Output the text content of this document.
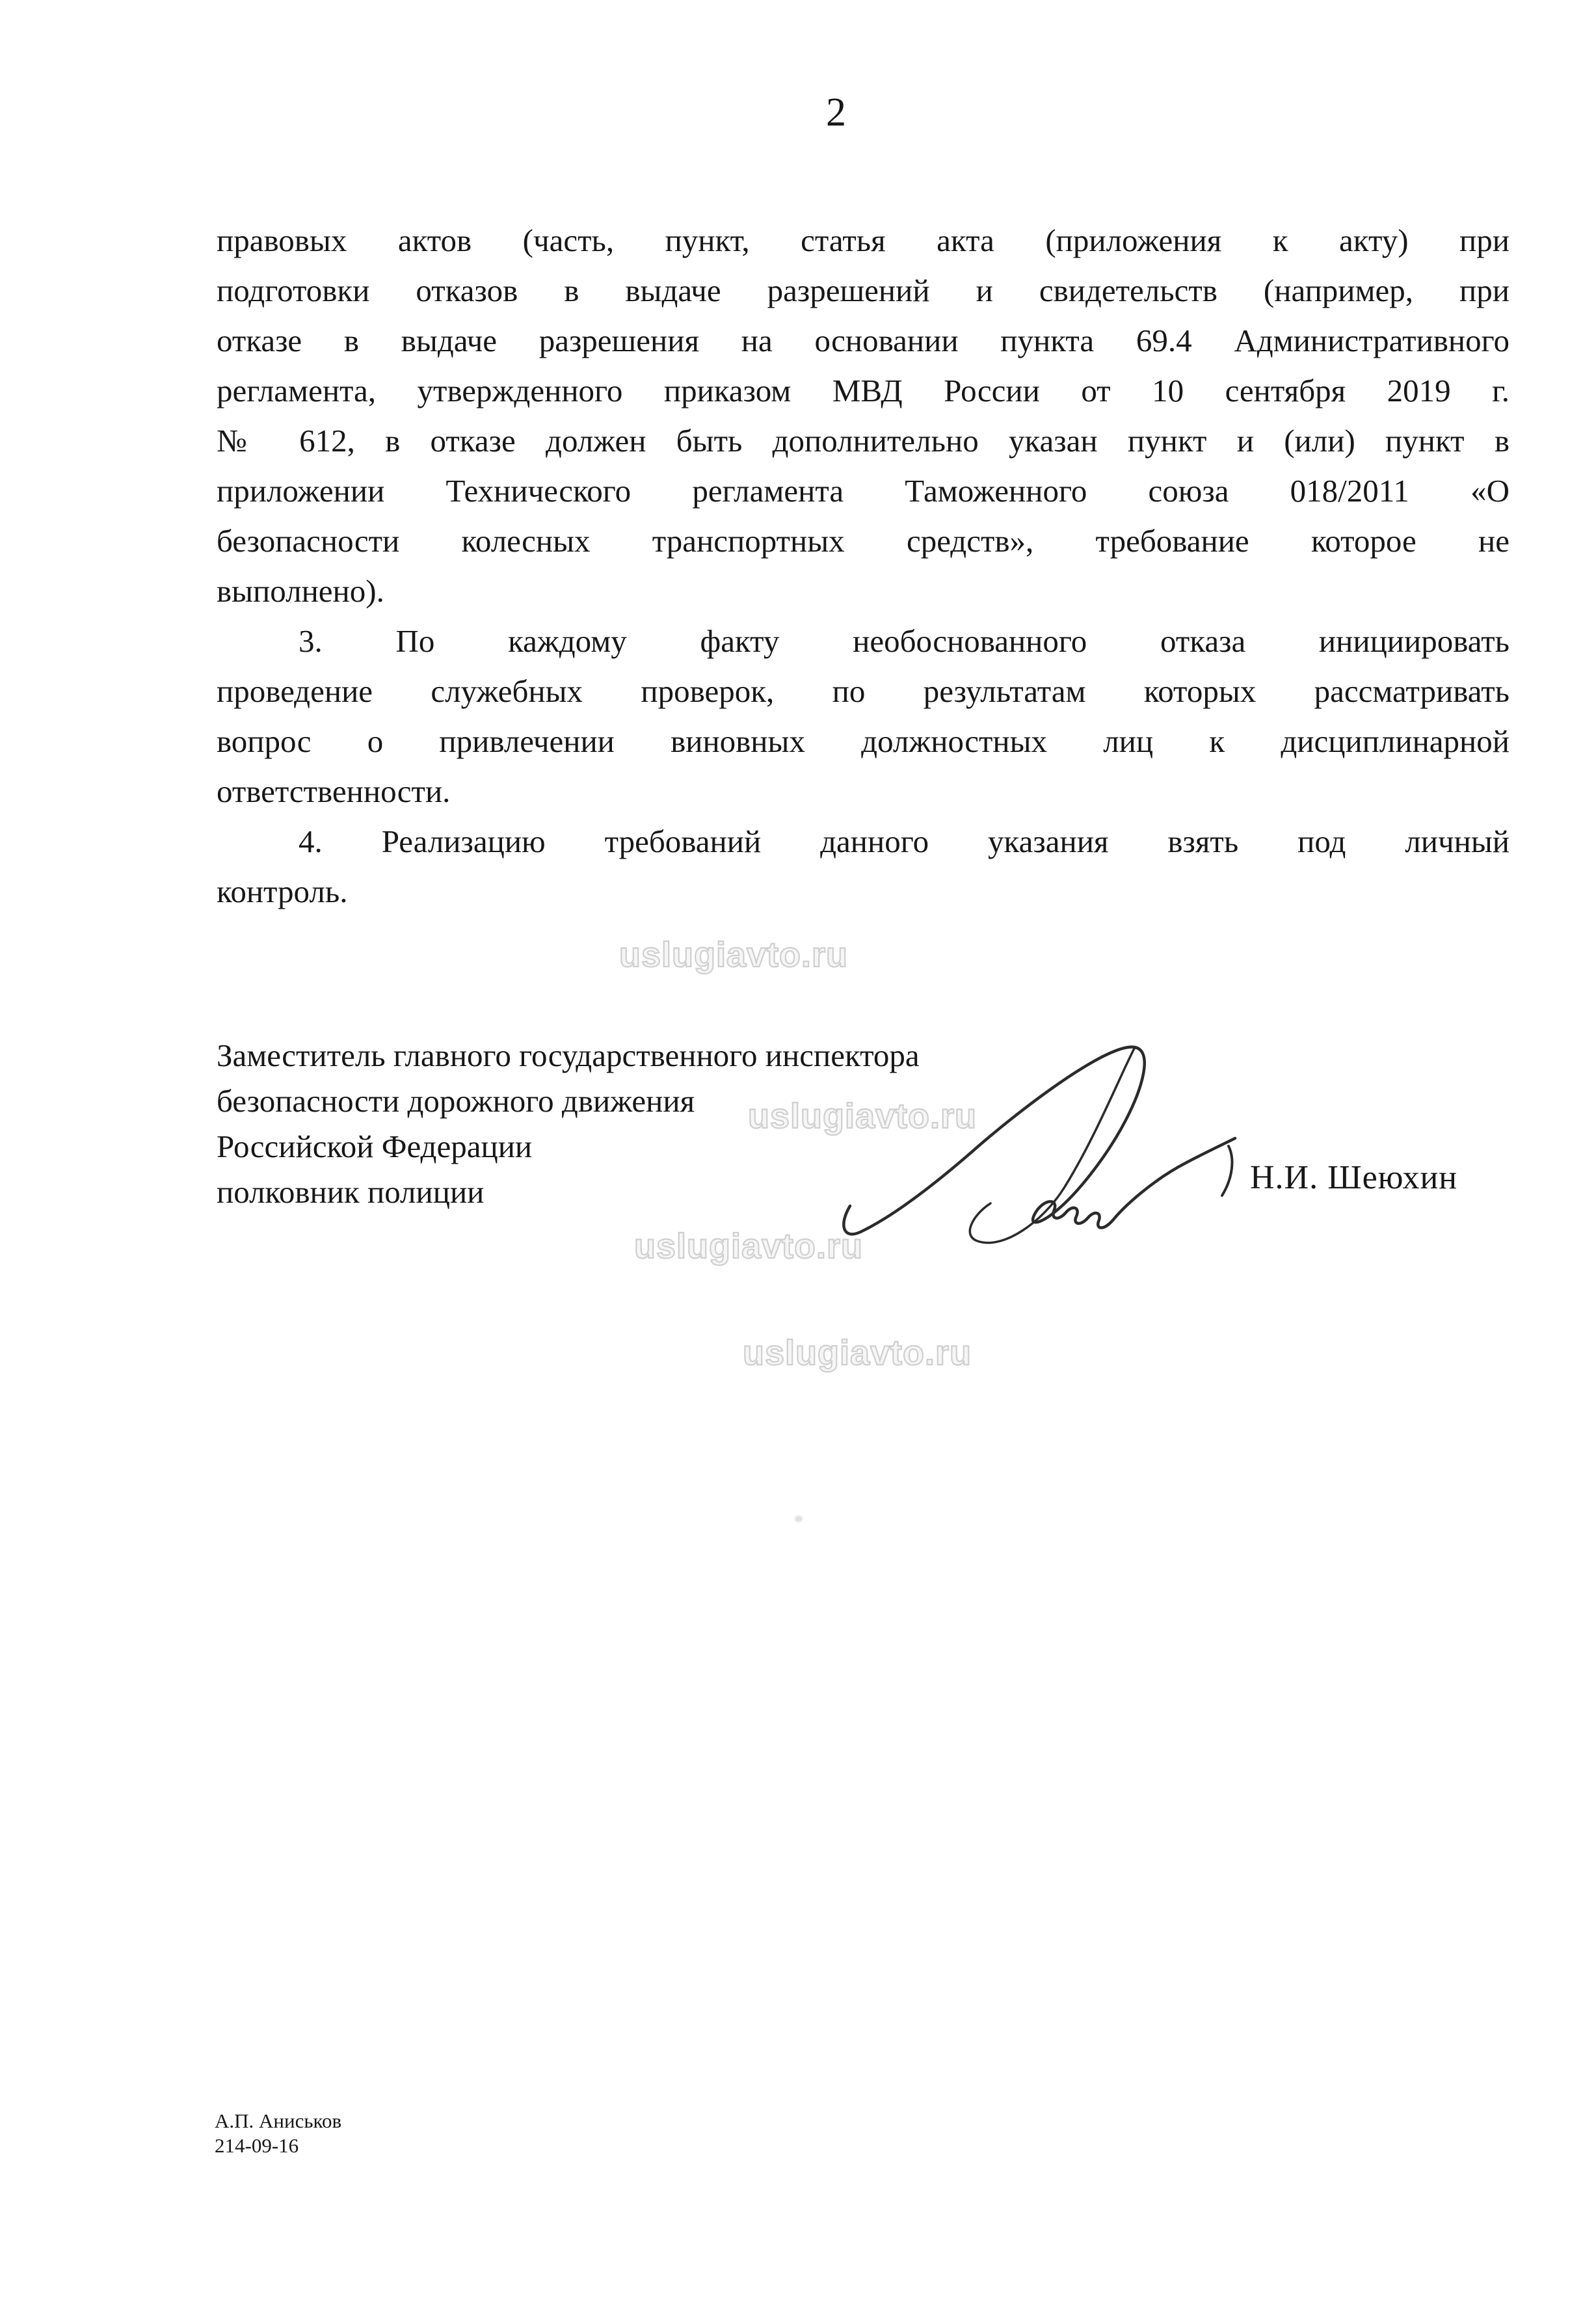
2
правовых актов (часть, пункт, статья акта (приложения к акту) при
подготовки отказов в выдаче разрешений и свидетельств (например, при
отказе в выдаче разрешения на основании пункта 69.4 Административного
регламента, утвержденного приказом МВД России от 10 сентября 2019 г.
№ 612, в отказе должен быть дополнительно указан пункт и (или) пункт в
приложении Технического регламента Таможенного союза 018/2011 «О
безопасности колесных транспортных средств», требование которое не
выполнено).
3. По каждому факту необоснованного отказа инициировать
проведение служебных проверок, по результатам которых рассматривать
вопрос о привлечении виновных должностных лиц к дисциплинарной
ответственности.
4. Реализацию требований данного указания взять под личный
контроль.
uslugiavto.ru
uslugiavto.ru
uslugiavto.ru
uslugiavto.ru
Заместитель главного государственного инспектора
безопасности дорожного движения
Российской Федерации
полковник полиции	Н.И. Шеюхин
А.П. Аниськов
214-09-16
